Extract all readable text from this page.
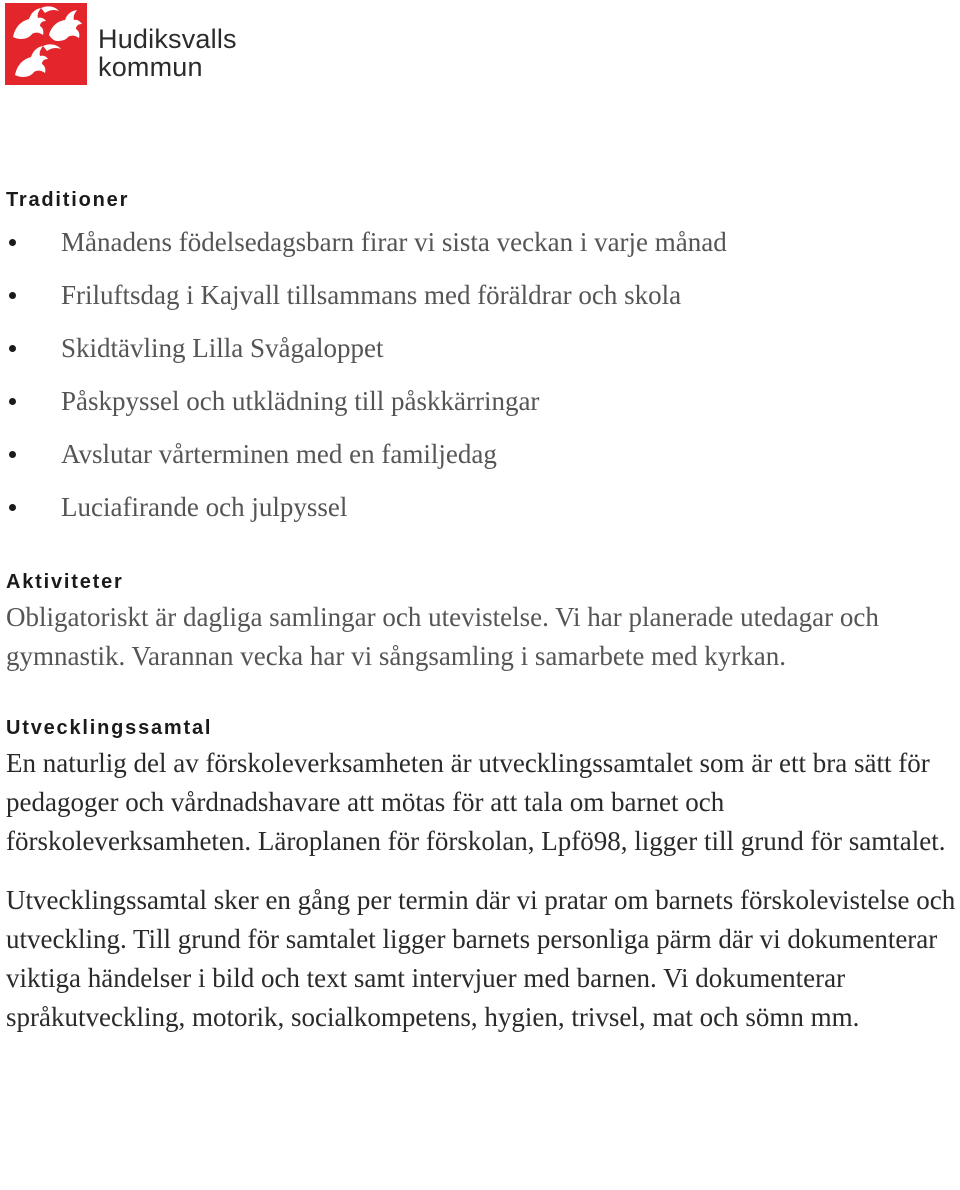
Hudiksvalls
kommun
Traditioner
Månadens födelsedagsbarn firar vi sista veckan i varje månad
Friluftsdag i Kajvall tillsammans med föräldrar och skola
Skidtävling Lilla Svågaloppet
Påskpyssel och utklädning till påskkärringar
Avslutar vårterminen med en familjedag
Luciafirande och julpyssel
Aktiviteter

Obligatoriskt är dagliga samlingar och utevistelse. Vi har planerade utedagar och gymnastik. Varannan vecka har vi sångsamling i samarbete med kyrkan.

Utvecklingssamtal

En naturlig del av förskoleverksamheten är utvecklingssamtalet som är ett bra sätt för pedagoger och vårdnadshavare att mötas för att tala om barnet och förskoleverksamheten. Läroplanen för förskolan, Lpfö98, ligger till grund för samtalet.

Utvecklingssamtal sker en gång per termin där vi pratar om barnets förskolevistelse och utveckling. Till grund för samtalet ligger barnets personliga pärm där vi dokumenterar viktiga händelser i bild och text samt intervjuer med barnen. Vi dokumenterar språkutveckling, motorik, socialkompetens, hygien, trivsel, mat och sömn mm.
